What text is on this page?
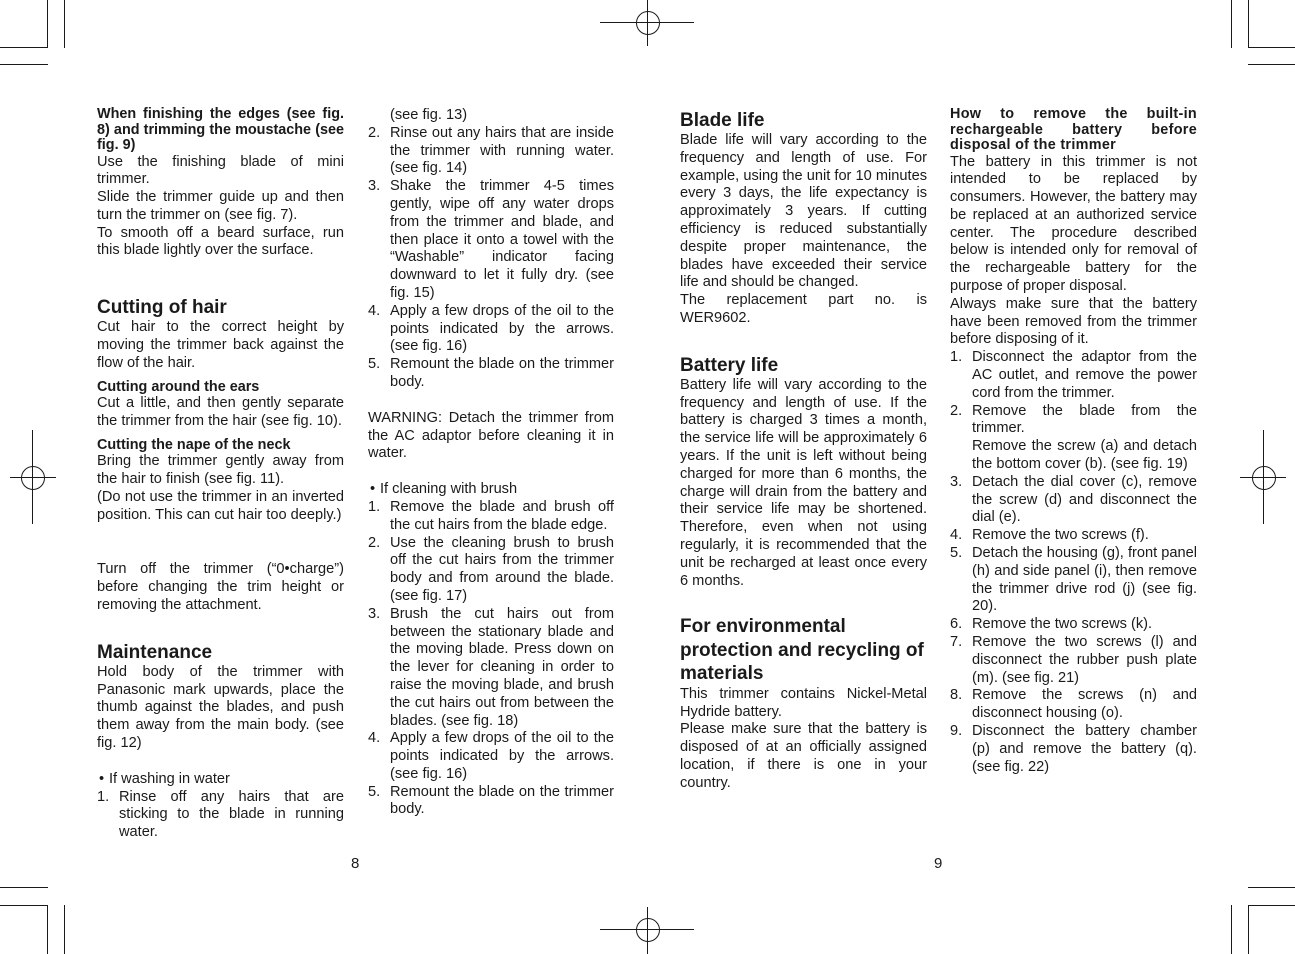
When finishing the edges (see fig. 8) and trimming the moustache (see fig. 9)

Use the finishing blade of mini trimmer.

Slide the trimmer guide up and then turn the trimmer on (see fig. 7).

To smooth off a beard surface, run this blade lightly over the surface.

Cutting of hair

Cut hair to the correct height by moving the trimmer back against the flow of the hair.

Cutting around the ears

Cut a little, and then gently separate the trimmer from the hair (see fig. 10).

Cutting the nape of the neck

Bring the trimmer gently away from the hair to finish (see fig. 11).

(Do not use the trimmer in an inverted position. This can cut hair too deeply.)

Turn off the trimmer (“0•charge”) before changing the trim height or removing the attachment.

Maintenance

Hold body of the trimmer with Panasonic mark upwards, place the thumb against the blades, and push them away from the main body. (see fig. 12)

• If washing in water
1. Rinse off any hairs that are sticking to the blade in running water.
(see fig. 13)
2. Rinse out any hairs that are inside the trimmer with running water. (see fig. 14)
3. Shake the trimmer 4-5 times gently, wipe off any water drops from the trimmer and blade, and then place it onto a towel with the “Washable” indicator facing downward to let it fully dry. (see fig. 15)
4. Apply a few drops of the oil to the points indicated by the arrows. (see fig. 16)
5. Remount the blade on the trimmer body.

WARNING: Detach the trimmer from the AC adaptor before cleaning it in water.

• If cleaning with brush
1. Remove the blade and brush off the cut hairs from the blade edge.
2. Use the cleaning brush to brush off the cut hairs from the trimmer body and from around the blade. (see fig. 17)
3. Brush the cut hairs out from between the stationary blade and the moving blade. Press down on the lever for cleaning in order to raise the moving blade, and brush the cut hairs out from between the blades. (see fig. 18)
4. Apply a few drops of the oil to the points indicated by the arrows. (see fig. 16)
5. Remount the blade on the trimmer body.
Blade life

Blade life will vary according to the frequency and length of use. For example, using the unit for 10 minutes every 3 days, the life expectancy is approximately 3 years. If cutting efficiency is reduced substantially despite proper maintenance, the blades have exceeded their service life and should be changed.

The replacement part no. is WER9602.

Battery life

Battery life will vary according to the frequency and length of use. If the battery is charged 3 times a month, the service life will be approximately 6 years. If the unit is left without being charged for more than 6 months, the charge will drain from the battery and their service life may be shortened. Therefore, even when not using regularly, it is recommended that the unit be recharged at least once every 6 months.

For environmental protection and recycling of materials

This trimmer contains Nickel-Metal Hydride battery.

Please make sure that the battery is disposed of at an officially assigned location, if there is one in your country.

How to remove the built-in rechargeable battery before disposal of the trimmer

The battery in this trimmer is not intended to be replaced by consumers. However, the battery may be replaced at an authorized service center. The procedure described below is intended only for removal of the rechargeable battery for the purpose of proper disposal.

Always make sure that the battery have been removed from the trimmer before disposing of it.

1. Disconnect the adaptor from the AC outlet, and remove the power cord from the trimmer.
2. Remove the blade from the trimmer.
Remove the screw (a) and detach the bottom cover (b). (see fig. 19)
3. Detach the dial cover (c), remove the screw (d) and disconnect the dial (e).
4. Remove the two screws (f).
5. Detach the housing (g), front panel (h) and side panel (i), then remove the trimmer drive rod (j) (see fig. 20).
6. Remove the two screws (k).
7. Remove the two screws (l) and disconnect the rubber push plate (m). (see fig. 21)
8. Remove the screws (n) and disconnect housing (o).
9. Disconnect the battery chamber (p) and remove the battery (q). (see fig. 22)
8	9
